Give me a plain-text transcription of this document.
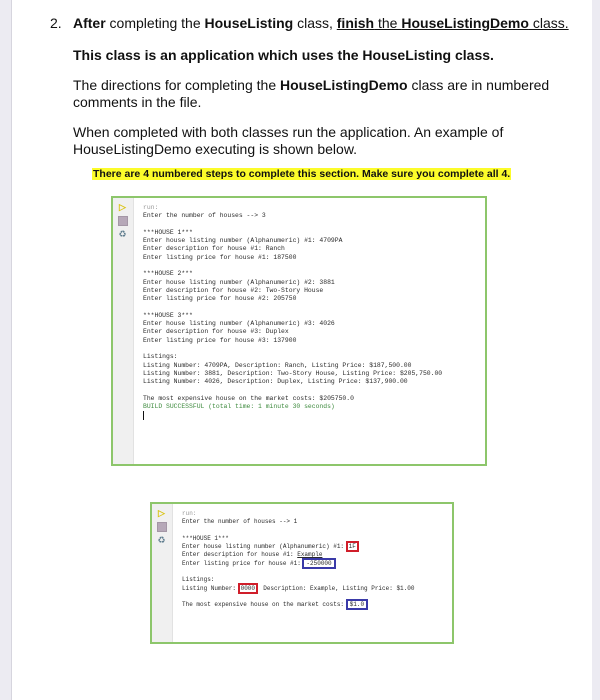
2. After completing the HouseListing class, finish the HouseListingDemo class.
This class is an application which uses the HouseListing class.
The directions for completing the HouseListingDemo class are in numbered
comments in the file.
When completed with both classes run the application. An example of
HouseListingDemo executing is shown below.
There are 4 numbered steps to complete this section. Make sure you complete all 4.
▷
♻
run:
Enter the number of houses --> 3

***HOUSE 1***
Enter house listing number (Alphanumeric) #1: 4709PA
Enter description for house #1: Ranch
Enter listing price for house #1: 187500

***HOUSE 2***
Enter house listing number (Alphanumeric) #2: 3881
Enter description for house #2: Two-Story House
Enter listing price for house #2: 205750

***HOUSE 3***
Enter house listing number (Alphanumeric) #3: 4026
Enter description for house #3: Duplex
Enter listing price for house #3: 137900

Listings:
Listing Number: 4709PA, Description: Ranch, Listing Price: $187,500.00
Listing Number: 3881, Description: Two-Story House, Listing Price: $205,750.00
Listing Number: 4026, Description: Duplex, Listing Price: $137,900.00

The most expensive house on the market costs: $205750.0
BUILD SUCCESSFUL (total time: 1 minute 30 seconds)

▷
♻
run:
Enter the number of houses --> 1

***HOUSE 1***
Enter house listing number (Alphanumeric) #1: 1F
Enter description for house #1: Example
Enter listing price for house #1: -250000

Listings:
Listing Number: 0000, Description: Example, Listing Price: $1.00

The most expensive house on the market costs: $1.0
